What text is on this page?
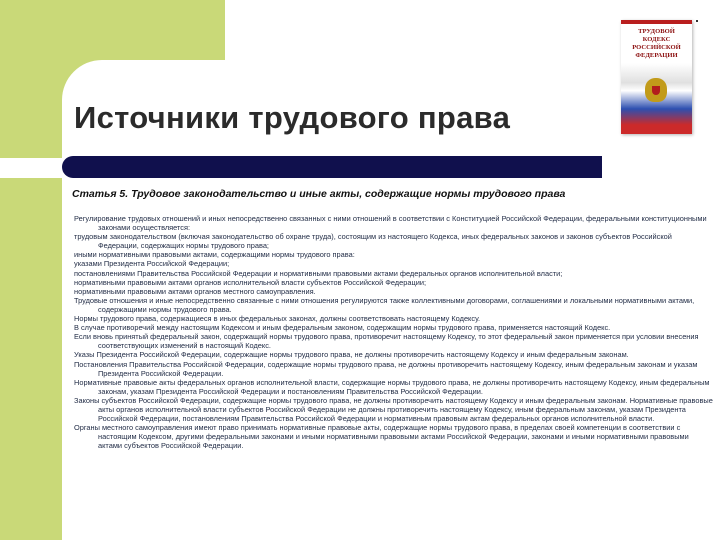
Источники трудового права
ТРУДОВОЙ
КОДЕКС
РОССИЙСКОЙ
ФЕДЕРАЦИИ
Статья 5. Трудовое законодательство и иные акты, содержащие нормы трудового права

Регулирование трудовых отношений и иных непосредственно связанных с ними отношений в соответствии с Конституцией Российской Федерации, федеральными конституционными законами осуществляется:

трудовым законодательством (включая законодательство об охране труда), состоящим из настоящего Кодекса, иных федеральных законов и законов субъектов Российской Федерации, содержащих нормы трудового права;

иными нормативными правовыми актами, содержащими нормы трудового права:

указами Президента Российской Федерации;

постановлениями Правительства Российской Федерации и нормативными правовыми актами федеральных органов исполнительной власти;

нормативными правовыми актами органов исполнительной власти субъектов Российской Федерации;

нормативными правовыми актами органов местного самоуправления.

Трудовые отношения и иные непосредственно связанные с ними отношения регулируются также коллективными договорами, соглашениями и локальными нормативными актами, содержащими нормы трудового права.

Нормы трудового права, содержащиеся в иных федеральных законах, должны соответствовать настоящему Кодексу.

В случае противоречий между настоящим Кодексом и иным федеральным законом, содержащим нормы трудового права, применяется настоящий Кодекс.

Если вновь принятый федеральный закон, содержащий нормы трудового права, противоречит настоящему Кодексу, то этот федеральный закон применяется при условии внесения соответствующих изменений в настоящий Кодекс.

Указы Президента Российской Федерации, содержащие нормы трудового права, не должны противоречить настоящему Кодексу и иным федеральным законам.

Постановления Правительства Российской Федерации, содержащие нормы трудового права, не должны противоречить настоящему Кодексу, иным федеральным законам и указам Президента Российской Федерации.

Нормативные правовые акты федеральных органов исполнительной власти, содержащие нормы трудового права, не должны противоречить настоящему Кодексу, иным федеральным законам, указам Президента Российской Федерации и постановлениям Правительства Российской Федерации.

Законы субъектов Российской Федерации, содержащие нормы трудового права, не должны противоречить настоящему Кодексу и иным федеральным законам. Нормативные правовые акты органов исполнительной власти субъектов Российской Федерации не должны противоречить настоящему Кодексу, иным федеральным законам, указам Президента Российской Федерации, постановлениям Правительства Российской Федерации и нормативным правовым актам федеральных органов исполнительной власти.

Органы местного самоуправления имеют право принимать нормативные правовые акты, содержащие нормы трудового права, в пределах своей компетенции в соответствии с настоящим Кодексом, другими федеральными законами и иными нормативными правовыми актами Российской Федерации, законами и иными нормативными правовыми актами субъектов Российской Федерации.
